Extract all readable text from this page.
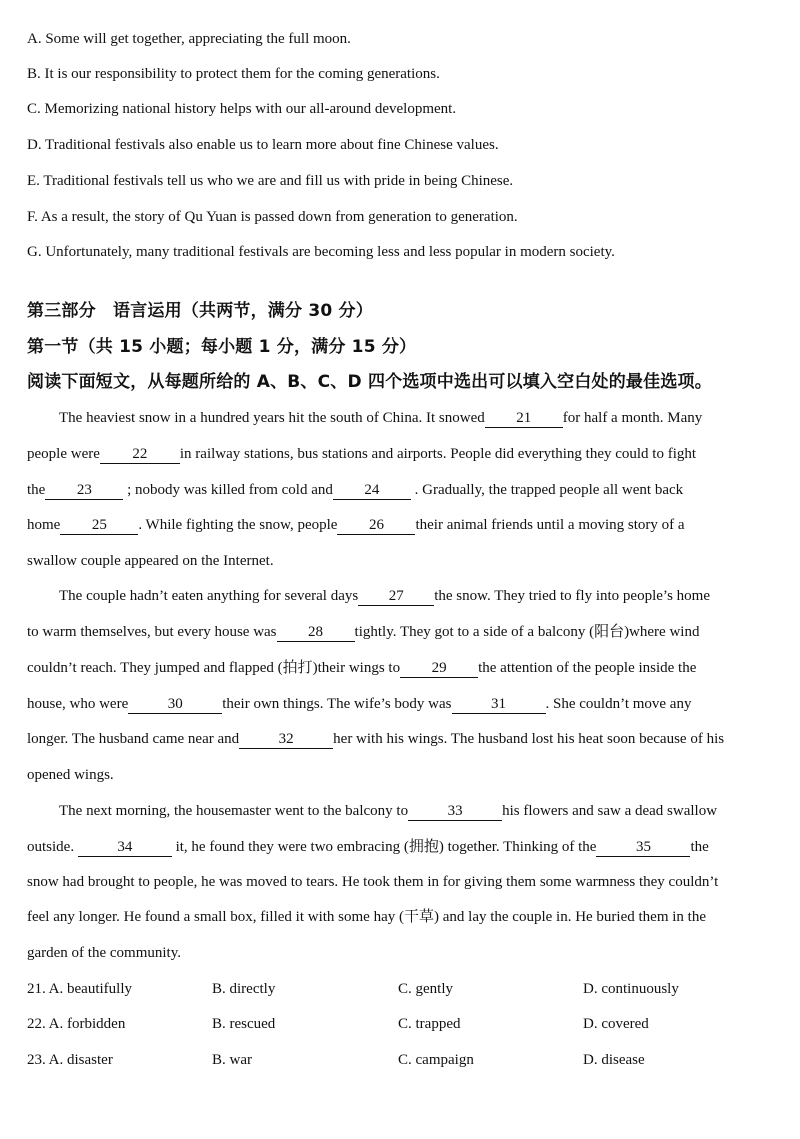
A. Some will get together, appreciating the full moon.
B. It is our responsibility to protect them for the coming generations.
C. Memorizing national history helps with our all-around development.
D. Traditional festivals also enable us to learn more about fine Chinese values.
E. Traditional festivals tell us who we are and fill us with pride in being Chinese.
F. As a result, the story of Qu Yuan is passed down from generation to generation.
G. Unfortunately, many traditional festivals are becoming less and less popular in modern society.
第三部分　语言运用（共两节，满分 30 分）
第一节（共 15 小题；每小题 1 分，满分 15 分）
阅读下面短文，从每题所给的 A、B、C、D 四个选项中选出可以填入空白处的最佳选项。
The heaviest snow in a hundred years hit the south of China. It snowed 21 for half a month. Many
people were 22 in railway stations, bus stations and airports. People did everything they could to fight
the 23 ; nobody was killed from cold and 24 . Gradually, the trapped people all went back
home 25 . While fighting the snow, people 26 their animal friends until a moving story of a
swallow couple appeared on the Internet.
The couple hadn’t eaten anything for several days 27 the snow. They tried to fly into people’s home
to warm themselves, but every house was 28 tightly. They got to a side of a balcony (阳台)where wind
couldn’t reach. They jumped and flapped (拍打)their wings to 29 the attention of the people inside the
house, who were	30	their own things. The wife’s body was	31	. She couldn’t move any
longer. The husband came near and	32	her with his wings. The husband lost his heat soon because of his
opened wings.
The next morning, the housemaster went to the balcony to	33	his flowers and saw a dead swallow
outside.	34	it, he found they were two embracing (拥抱) together. Thinking of the	35	the
snow had brought to people, he was moved to tears. He took them in for giving them some warmness they couldn’t
feel any longer. He found a small box, filled it with some hay (干草) and lay the couple in. He buried them in the
garden of the community.
21. A. beautifully	B. directly	C. gently	D. continuously
22. A. forbidden	B. rescued	C. trapped	D. covered
23. A. disaster	B. war	C. campaign	D. disease
